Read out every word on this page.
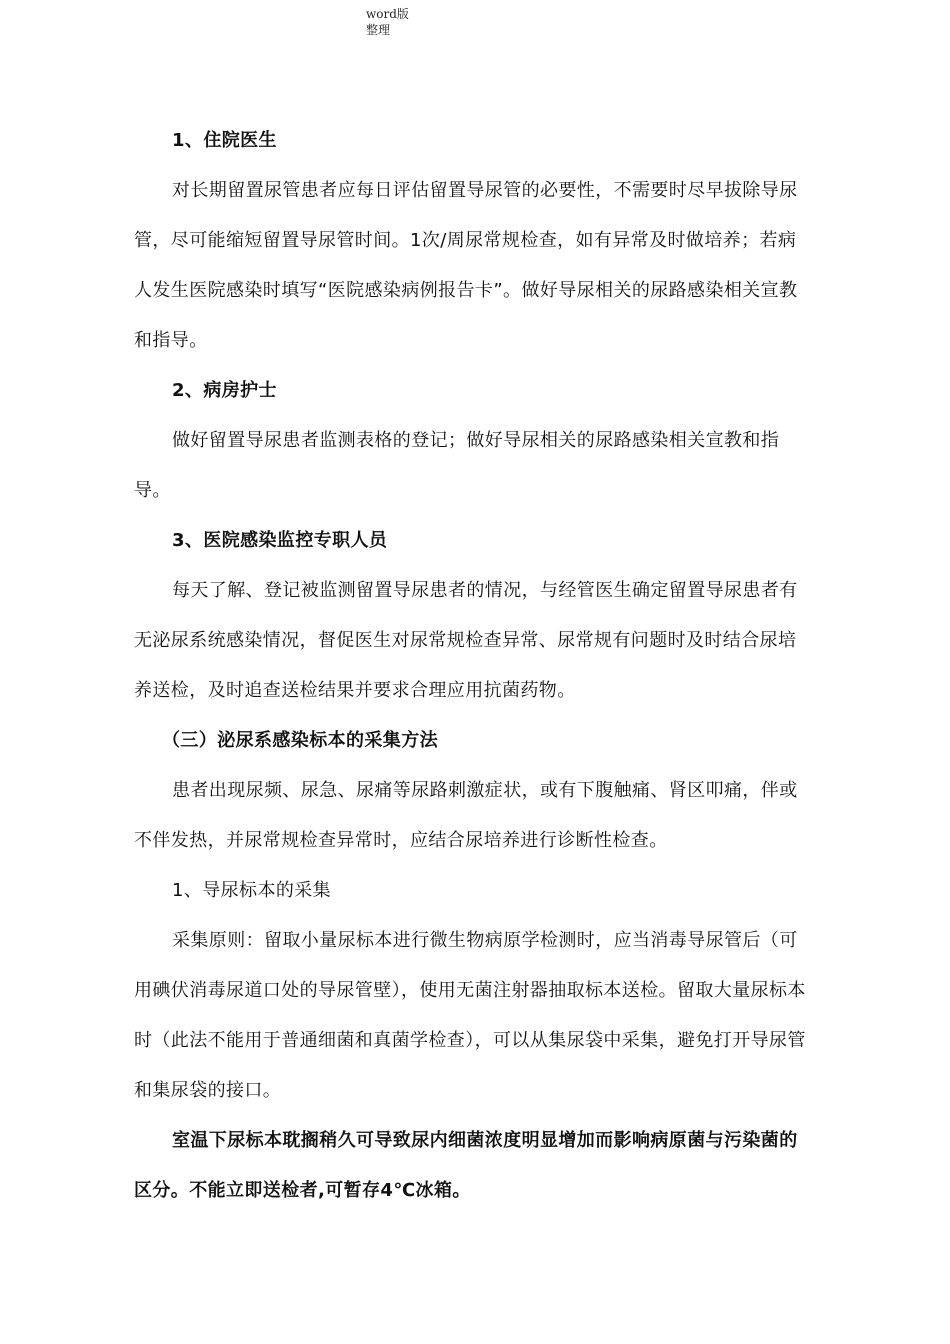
word版
整理

1、住院医生

对长期留置尿管患者应每日评估留置导尿管的必要性，不需要时尽早拔除导尿管，尽可能缩短留置导尿管时间。1次/周尿常规检查，如有异常及时做培养；若病人发生医院感染时填写“医院感染病例报告卡”。做好导尿相关的尿路感染相关宣教和指导。

2、病房护士

做好留置导尿患者监测表格的登记；做好导尿相关的尿路感染相关宣教和指导。

3、医院感染监控专职人员

每天了解、登记被监测留置导尿患者的情况，与经管医生确定留置导尿患者有无泌尿系统感染情况，督促医生对尿常规检查异常、尿常规有问题时及时结合尿培养送检，及时追查送检结果并要求合理应用抗菌药物。

（三）泌尿系感染标本的采集方法

患者出现尿频、尿急、尿痛等尿路刺激症状，或有下腹触痛、肾区叩痛，伴或不伴发热，并尿常规检查异常时，应结合尿培养进行诊断性检查。

1、导尿标本的采集

采集原则：留取小量尿标本进行微生物病原学检测时，应当消毒导尿管后（可用碘伏消毒尿道口处的导尿管壁），使用无菌注射器抽取标本送检。留取大量尿标本时（此法不能用于普通细菌和真菌学检查），可以从集尿袋中采集，避免打开导尿管和集尿袋的接口。

室温下尿标本耽搁稍久可导致尿内细菌浓度明显增加而影响病原菌与污染菌的区分。不能立即送检者,可暂存4℃冰箱。
